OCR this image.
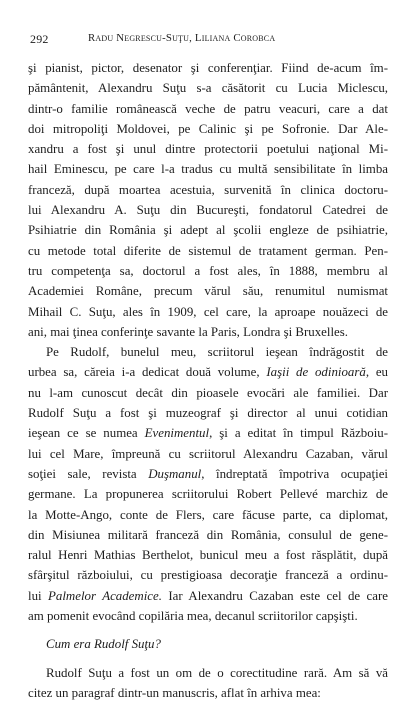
292	Radu Negrescu-Suţu, Liliana Corobca
şi pianist, pictor, desenator şi conferenţiar. Fiind de-acum îm-
pământenit, Alexandru Suţu s-a căsătorit cu Lucia Miclescu,
dintr-o familie românească veche de patru veacuri, care a dat
doi mitropoliţi Moldovei, pe Calinic şi pe Sofronie. Dar Ale-
xandru a fost şi unul dintre protectorii poetului naţional Mi-
hail Eminescu, pe care l-a tradus cu multă sensibilitate în limba
franceză, după moartea acestuia, survenită în clinica doctoru-
lui Alexandru A. Suţu din Bucureşti, fondatorul Catedrei de
Psihiatrie din România şi adept al şcolii engleze de psihiatrie,
cu metode total diferite de sistemul de tratament german. Pen-
tru competenţa sa, doctorul a fost ales, în 1888, membru al
Academiei Române, precum vărul său, renumitul numismat
Mihail C. Suţu, ales în 1909, cel care, la aproape nouăzeci de
ani, mai ţinea conferinţe savante la Paris, Londra şi Bruxelles.
Pe Rudolf, bunelul meu, scriitorul ieşean îndrăgostit de
urbea sa, căreia i-a dedicat două volume, Iaşii de odinioară, eu
nu l-am cunoscut decât din pioasele evocări ale familiei. Dar
Rudolf Suţu a fost şi muzeograf şi director al unui cotidian
ieşean ce se numea Evenimentul, şi a editat în timpul Războiu-
lui cel Mare, împreună cu scriitorul Alexandru Cazaban, vărul
soţiei sale, revista Duşmanul, îndreptată împotriva ocupaţiei
germane. La propunerea scriitorului Robert Pellevé marchiz de
la Motte-Ango, conte de Flers, care făcuse parte, ca diplomat,
din Misiunea militară franceză din România, consulul de gene-
ralul Henri Mathias Berthelot, bunicul meu a fost răsplătit, după
sfârşitul războiului, cu prestigioasa decoraţie franceză a ordinu-
lui Palmelor Academice. Iar Alexandru Cazaban este cel de care
am pomenit evocând copilăria mea, decanul scriitorilor capşişti.
Cum era Rudolf Suţu?
Rudolf Suţu a fost un om de o corectitudine rară. Am să vă
citez un paragraf dintr-un manuscris, aflat în arhiva mea:
